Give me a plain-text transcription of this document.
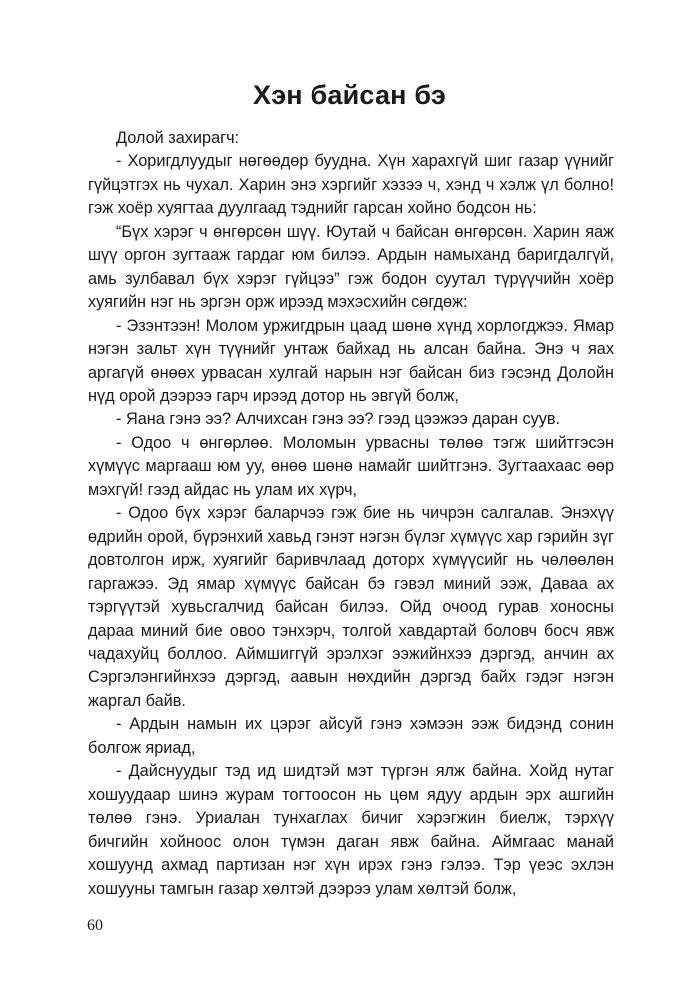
Хэн байсан бэ

Долой захирагч:

- Хоригдлуудыг нөгөөдөр буудна. Хүн харахгүй шиг газар үүнийг гүйцэтгэх нь чухал. Харин энэ хэргийг хэзээ ч, хэнд ч хэлж үл болно! гэж хоёр хуягтаа дуулгаад тэднийг гарсан хойно бодсон нь:

“Бүх хэрэг ч өнгөрсөн шүү. Юутай ч байсан өнгөрсөн. Харин яаж шүү оргон зугтааж гардаг юм билээ. Ардын намыханд баригдалгүй, амь зулбавал бүх хэрэг гүйцээ” гэж бодон суутал түрүүчийн хоёр хуягийн нэг нь эргэн орж ирээд мэхэсхийн сөгдөж:

- Эзэнтээн! Молом уржигдрын цаад шөнө хүнд хорлогджээ. Ямар нэгэн зальт хүн түүнийг унтаж байхад нь алсан байна. Энэ ч яах аргагүй өнөөх урвасан хулгай нарын нэг байсан биз гэсэнд Долойн нүд орой дээрээ гарч ирээд дотор нь эвгүй болж,

- Яана гэнэ ээ? Алчихсан гэнэ ээ? гээд цээжээ даран суув.

- Одоо ч өнгөрлөө. Моломын урвасны төлөө тэгж шийтгэсэн хүмүүс маргааш юм уу, өнөө шөнө намайг шийтгэнэ. Зугтаахаас өөр мэхгүй! гээд айдас нь улам их хүрч,

- Одоо бүх хэрэг баларчээ гэж бие нь чичрэн салгалав. Энэхүү өдрийн орой, бүрэнхий хавьд гэнэт нэгэн бүлэг хүмүүс хар гэрийн зүг довтолгон ирж, хуягийг баривчлаад доторх хүмүүсийг нь чөлөөлөн гаргажээ. Эд ямар хүмүүс байсан бэ гэвэл миний ээж, Даваа ах тэргүүтэй хувьсгалчид байсан билээ. Ойд очоод гурав хоносны дараа миний бие овоо тэнхэрч, толгой хавдартай боловч босч явж чадахуйц боллоо. Аймшиггүй эрэлхэг ээжийнхээ дэргэд, анчин ах Сэргэлэнгийнхээ дэргэд, аавын нөхдийн дэргэд байх гэдэг нэгэн жаргал байв.

- Ардын намын их цэрэг айсуй гэнэ хэмээн ээж бидэнд сонин болгож яриад,

- Дайснуудыг тэд ид шидтэй мэт түргэн ялж байна. Хойд нутаг хошуудаар шинэ журам тогтоосон нь цөм ядуу ардын эрх ашгийн төлөө гэнэ. Уриалан тунхаглах бичиг хэрэгжин биелж, тэрхүү бичгийн хойноос олон түмэн даган явж байна. Аймгаас манай хошуунд ахмад партизан нэг хүн ирэх гэнэ гэлээ. Тэр үеэс эхлэн хошууны тамгын газар хөлтэй дээрээ улам хөлтэй болж,

60
